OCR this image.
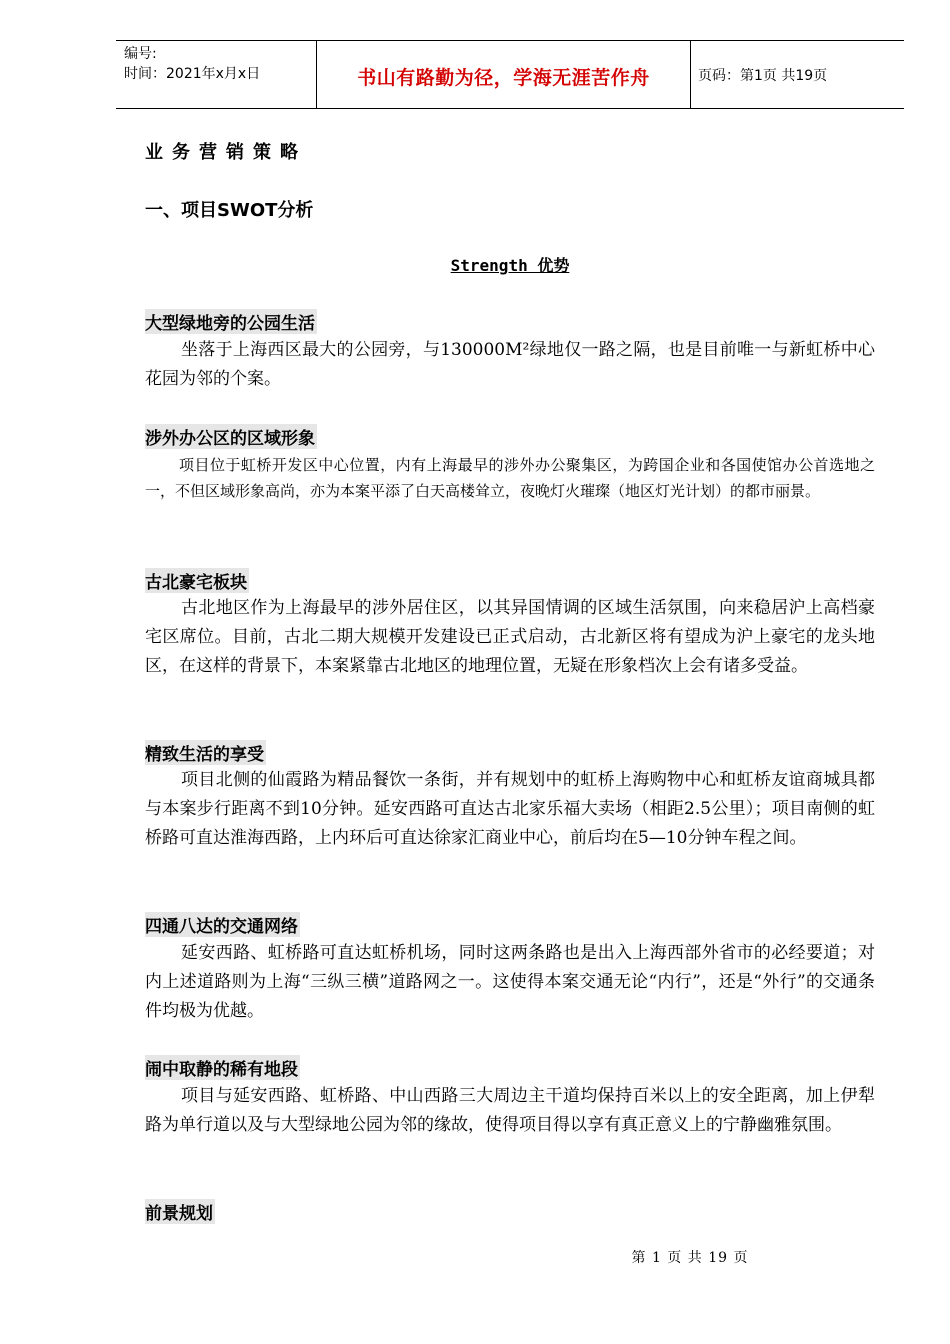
编号:
时间：2021年x月x日	书山有路勤为径，学海无涯苦作舟	页码：第1页 共19页
业务营销策略
一、项目SWOT分析
Strength 优势
大型绿地旁的公园生活
坐落于上海西区最大的公园旁，与130000M²绿地仅一路之隔，也是目前唯一与新虹桥中心花园为邻的个案。
涉外办公区的区域形象
项目位于虹桥开发区中心位置，内有上海最早的涉外办公聚集区，为跨国企业和各国使馆办公首选地之一，不但区域形象高尚，亦为本案平添了白天高楼耸立，夜晚灯火璀璨（地区灯光计划）的都市丽景。
古北豪宅板块
古北地区作为上海最早的涉外居住区，以其异国情调的区域生活氛围，向来稳居沪上高档豪宅区席位。目前，古北二期大规模开发建设已正式启动，古北新区将有望成为沪上豪宅的龙头地区，在这样的背景下，本案紧靠古北地区的地理位置，无疑在形象档次上会有诸多受益。
精致生活的享受
项目北侧的仙霞路为精品餐饮一条街，并有规划中的虹桥上海购物中心和虹桥友谊商城具都与本案步行距离不到10分钟。延安西路可直达古北家乐福大卖场（相距2.5公里）；项目南侧的虹桥路可直达淮海西路，上内环后可直达徐家汇商业中心，前后均在5—10分钟车程之间。
四通八达的交通网络
延安西路、虹桥路可直达虹桥机场，同时这两条路也是出入上海西部外省市的必经要道；对内上述道路则为上海“三纵三横”道路网之一。这使得本案交通无论“内行”，还是“外行”的交通条件均极为优越。
闹中取静的稀有地段
项目与延安西路、虹桥路、中山西路三大周边主干道均保持百米以上的安全距离，加上伊犁路为单行道以及与大型绿地公园为邻的缘故，使得项目得以享有真正意义上的宁静幽雅氛围。
前景规划
第 1 页 共 19 页
